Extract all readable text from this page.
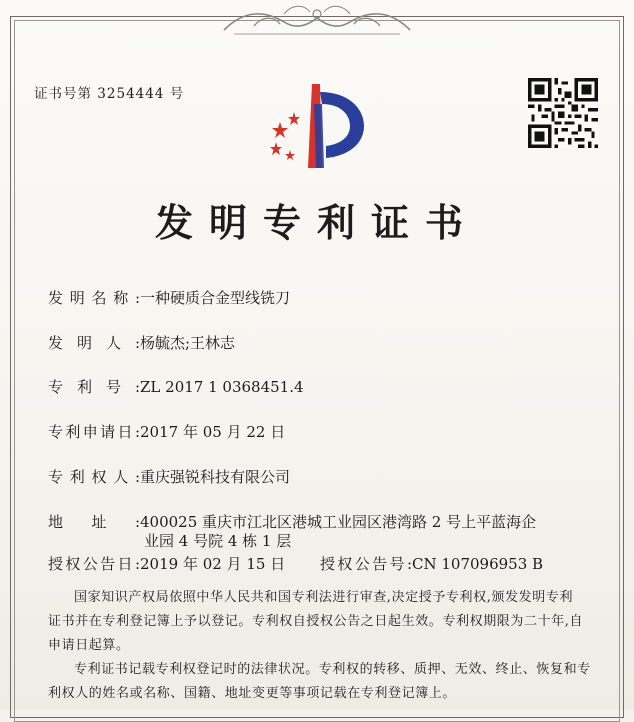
证书号第 3254444 号
发明专利证书
发明名称:一种硬质合金型线铣刀
发明人:杨毓杰;王林志
专利号:ZL 2017 1 0368451.4
专利申请日:2017 年 05 月 22 日
专利权人:重庆强锐科技有限公司
地址:400025 重庆市江北区港城工业园区港湾路 2 号上平蓝海企
业园 4 号院 4 栋 1 层
授权公告日:2019 年 02 月 15 日 授权公告号:CN 107096953 B
国家知识产权局依照中华人民共和国专利法进行审查,决定授予专利权,颁发发明专利
证书并在专利登记簿上予以登记。专利权自授权公告之日起生效。专利权期限为二十年,自
申请日起算。
专利证书记载专利权登记时的法律状况。专利权的转移、质押、无效、终止、恢复和专
利权人的姓名或名称、国籍、地址变更等事项记载在专利登记簿上。
